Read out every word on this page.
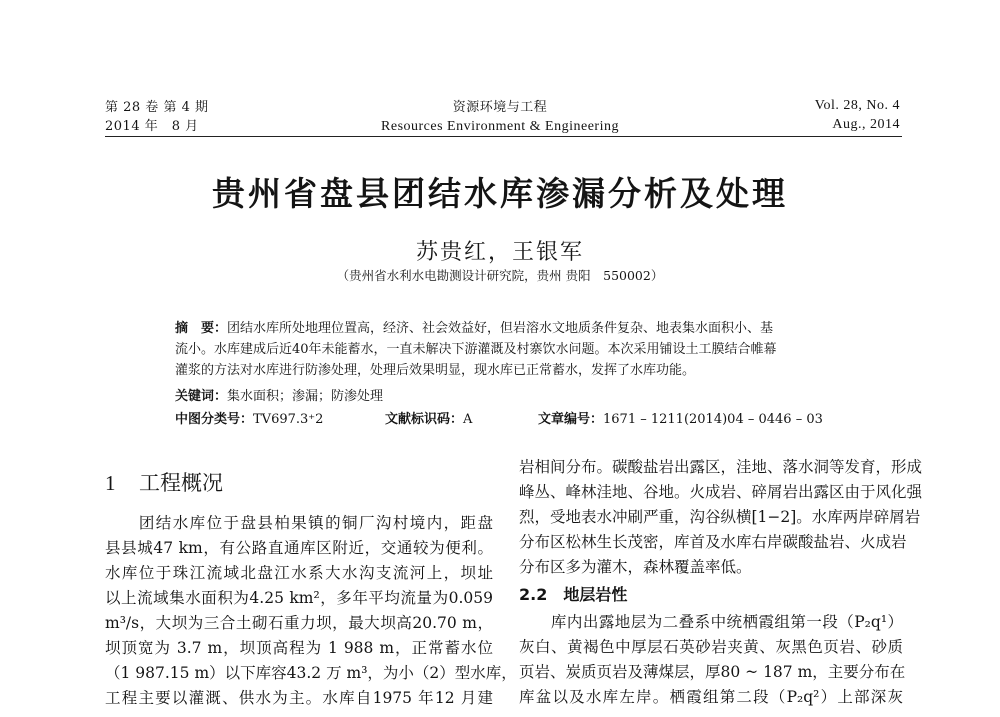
第 28 卷 第 4 期
2014 年　8 月
资源环境与工程
Resources Environment & Engineering
Vol. 28, No. 4
Aug., 2014
贵州省盘县团结水库渗漏分析及处理
苏贵红，王银军
（贵州省水利水电勘测设计研究院，贵州 贵阳　550002）
摘　要：团结水库所处地理位置高，经济、社会效益好，但岩溶水文地质条件复杂、地表集水面积小、基
流小。水库建成后近40年未能蓄水，一直未解决下游灌溉及村寨饮水问题。本次采用铺设土工膜结合帷幕
灌浆的方法对水库进行防渗处理，处理后效果明显，现水库已正常蓄水，发挥了水库功能。
关键词：集水面积；渗漏；防渗处理
中图分类号：TV697.3⁺2	文献标识码：A	文章编号：1671 – 1211(2014)04 – 0446 – 03
1 工程概况
　　团结水库位于盘县柏果镇的铜厂沟村境内，距盘
县县城47 km，有公路直通库区附近，交通较为便利。
水库位于珠江流域北盘江水系大水沟支流河上，坝址
以上流域集水面积为4.25 km²，多年平均流量为0.059
m³/s，大坝为三合土砌石重力坝，最大坝高20.70 m，
坝顶宽为 3.7 m，坝顶高程为 1 988 m，正常蓄水位
（1 987.15 m）以下库容43.2 万 m³，为小（2）型水库，
工程主要以灌溉、供水为主。水库自1975 年12 月建
岩相间分布。碳酸盐岩出露区，洼地、落水洞等发育，形成
峰丛、峰林洼地、谷地。火成岩、碎屑岩出露区由于风化强
烈，受地表水冲刷严重，沟谷纵横[1−2]。水库两岸碎屑岩
分布区松林生长茂密，库首及水库右岸碳酸盐岩、火成岩
分布区多为灌木，森林覆盖率低。
2.2　地层岩性
　　库内出露地层为二叠系中统栖霞组第一段（P₂q¹）
灰白、黄褐色中厚层石英砂岩夹黄、灰黑色页岩、砂质
页岩、炭质页岩及薄煤层，厚80 ~ 187 m，主要分布在
库盆以及水库左岸。栖霞组第二段（P₂q²）上部深灰
